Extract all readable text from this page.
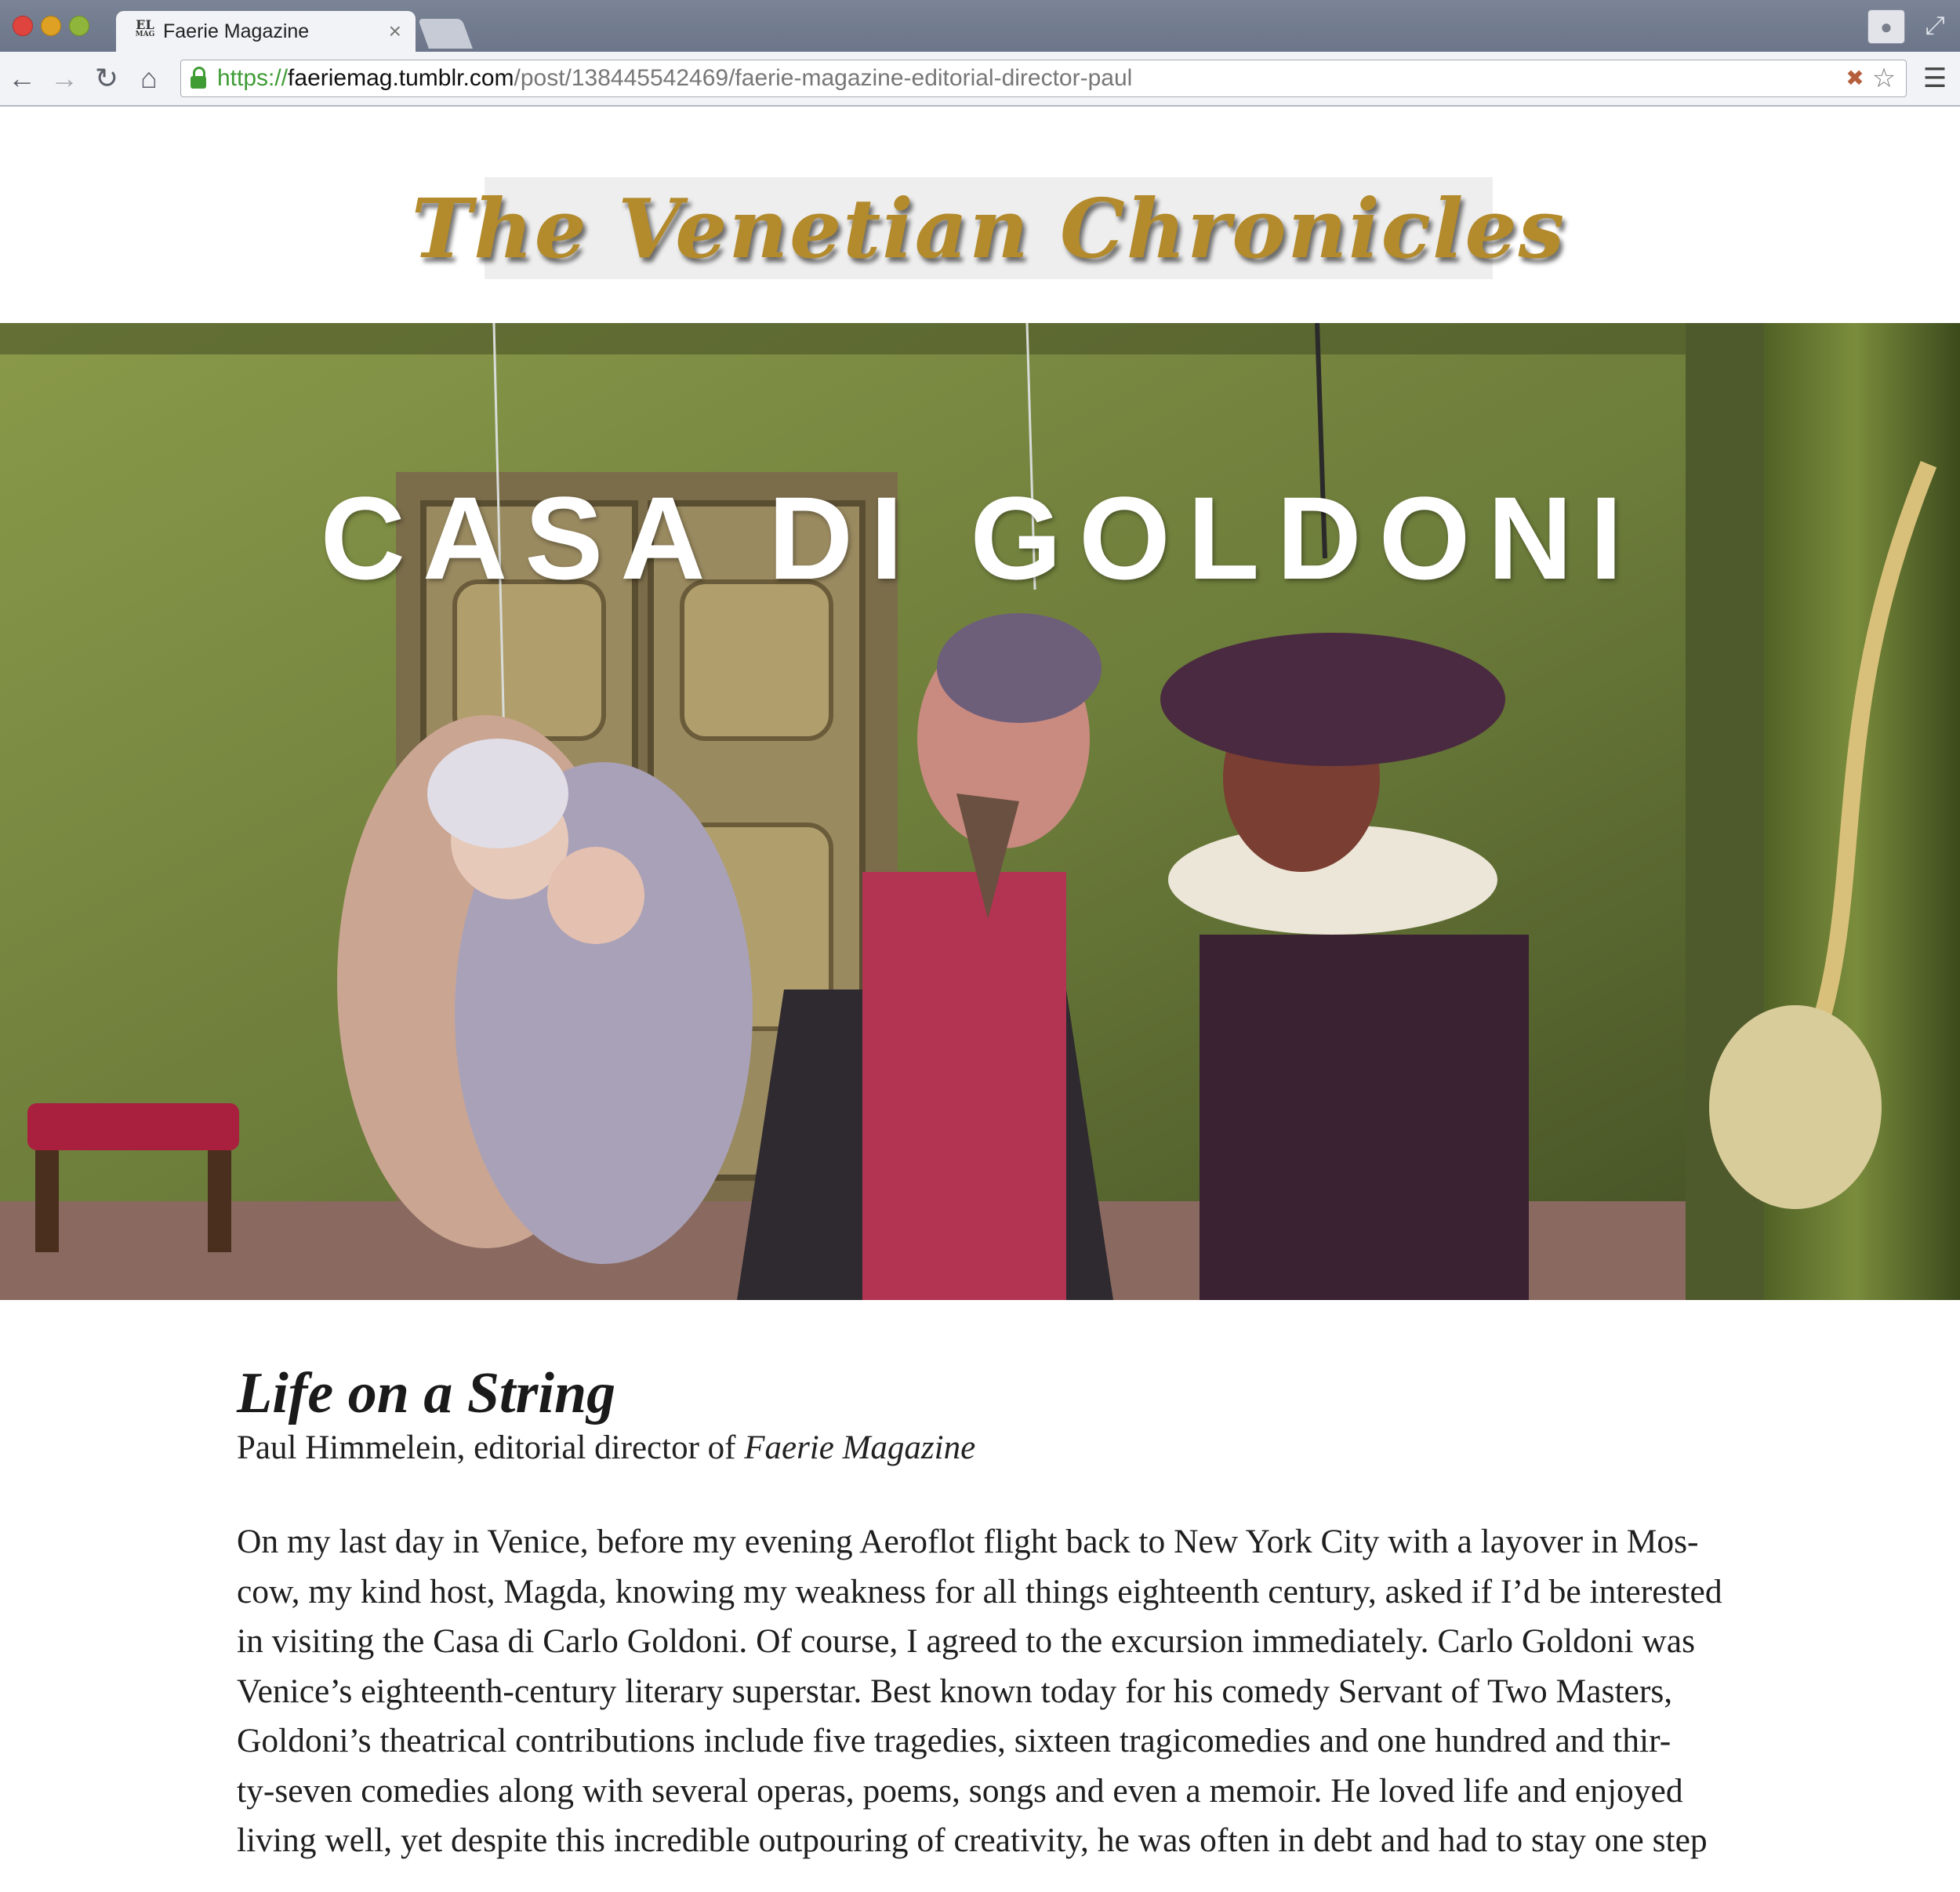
EL
MAG Faerie Magazine	×	●	⤢
← → ↻ ⌂	https://faeriemag.tumblr.com/post/138445542469/faerie-magazine-editorial-director-paul	✖ ☆ ☰
The Venetian Chronicles
CASA DI GOLDONI
Life on a String
Paul Himmelein, editorial director of Faerie Magazine
On my last day in Venice, before my evening Aeroflot flight back to New York City with a layover in Mos-
cow, my kind host, Magda, knowing my weakness for all things eighteenth century, asked if I’d be interested
in visiting the Casa di Carlo Goldoni. Of course, I agreed to the excursion immediately. Carlo Goldoni was
Venice’s eighteenth-century literary superstar. Best known today for his comedy Servant of Two Masters,
Goldoni’s theatrical contributions include five tragedies, sixteen tragicomedies and one hundred and thir-
ty-seven comedies along with several operas, poems, songs and even a memoir. He loved life and enjoyed
living well, yet despite this incredible outpouring of creativity, he was often in debt and had to stay one step
